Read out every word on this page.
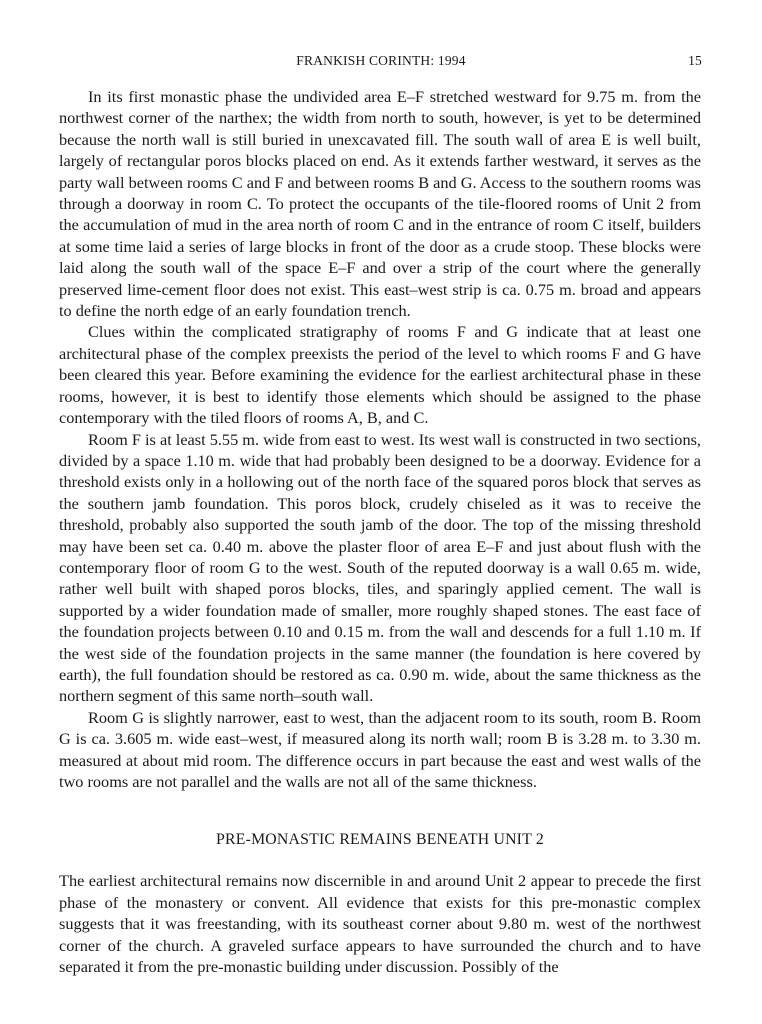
FRANKISH CORINTH: 1994	15

In its first monastic phase the undivided area E–F stretched westward for 9.75 m. from the northwest corner of the narthex; the width from north to south, however, is yet to be determined because the north wall is still buried in unexcavated fill. The south wall of area E is well built, largely of rectangular poros blocks placed on end. As it extends farther westward, it serves as the party wall between rooms C and F and between rooms B and G. Access to the southern rooms was through a doorway in room C. To protect the occupants of the tile-floored rooms of Unit 2 from the accumulation of mud in the area north of room C and in the entrance of room C itself, builders at some time laid a series of large blocks in front of the door as a crude stoop. These blocks were laid along the south wall of the space E–F and over a strip of the court where the generally preserved lime-cement floor does not exist. This east–west strip is ca. 0.75 m. broad and appears to define the north edge of an early foundation trench.

Clues within the complicated stratigraphy of rooms F and G indicate that at least one architectural phase of the complex preexists the period of the level to which rooms F and G have been cleared this year. Before examining the evidence for the earliest architectural phase in these rooms, however, it is best to identify those elements which should be assigned to the phase contemporary with the tiled floors of rooms A, B, and C.

Room F is at least 5.55 m. wide from east to west. Its west wall is constructed in two sections, divided by a space 1.10 m. wide that had probably been designed to be a doorway. Evidence for a threshold exists only in a hollowing out of the north face of the squared poros block that serves as the southern jamb foundation. This poros block, crudely chiseled as it was to receive the threshold, probably also supported the south jamb of the door. The top of the missing threshold may have been set ca. 0.40 m. above the plaster floor of area E–F and just about flush with the contemporary floor of room G to the west. South of the reputed doorway is a wall 0.65 m. wide, rather well built with shaped poros blocks, tiles, and sparingly applied cement. The wall is supported by a wider foundation made of smaller, more roughly shaped stones. The east face of the foundation projects between 0.10 and 0.15 m. from the wall and descends for a full 1.10 m. If the west side of the foundation projects in the same manner (the foundation is here covered by earth), the full foundation should be restored as ca. 0.90 m. wide, about the same thickness as the northern segment of this same north–south wall.

Room G is slightly narrower, east to west, than the adjacent room to its south, room B. Room G is ca. 3.605 m. wide east–west, if measured along its north wall; room B is 3.28 m. to 3.30 m. measured at about mid room. The difference occurs in part because the east and west walls of the two rooms are not parallel and the walls are not all of the same thickness.

PRE-MONASTIC REMAINS BENEATH UNIT 2

The earliest architectural remains now discernible in and around Unit 2 appear to precede the first phase of the monastery or convent. All evidence that exists for this pre-monastic complex suggests that it was freestanding, with its southeast corner about 9.80 m. west of the northwest corner of the church. A graveled surface appears to have surrounded the church and to have separated it from the pre-monastic building under discussion. Possibly of the
